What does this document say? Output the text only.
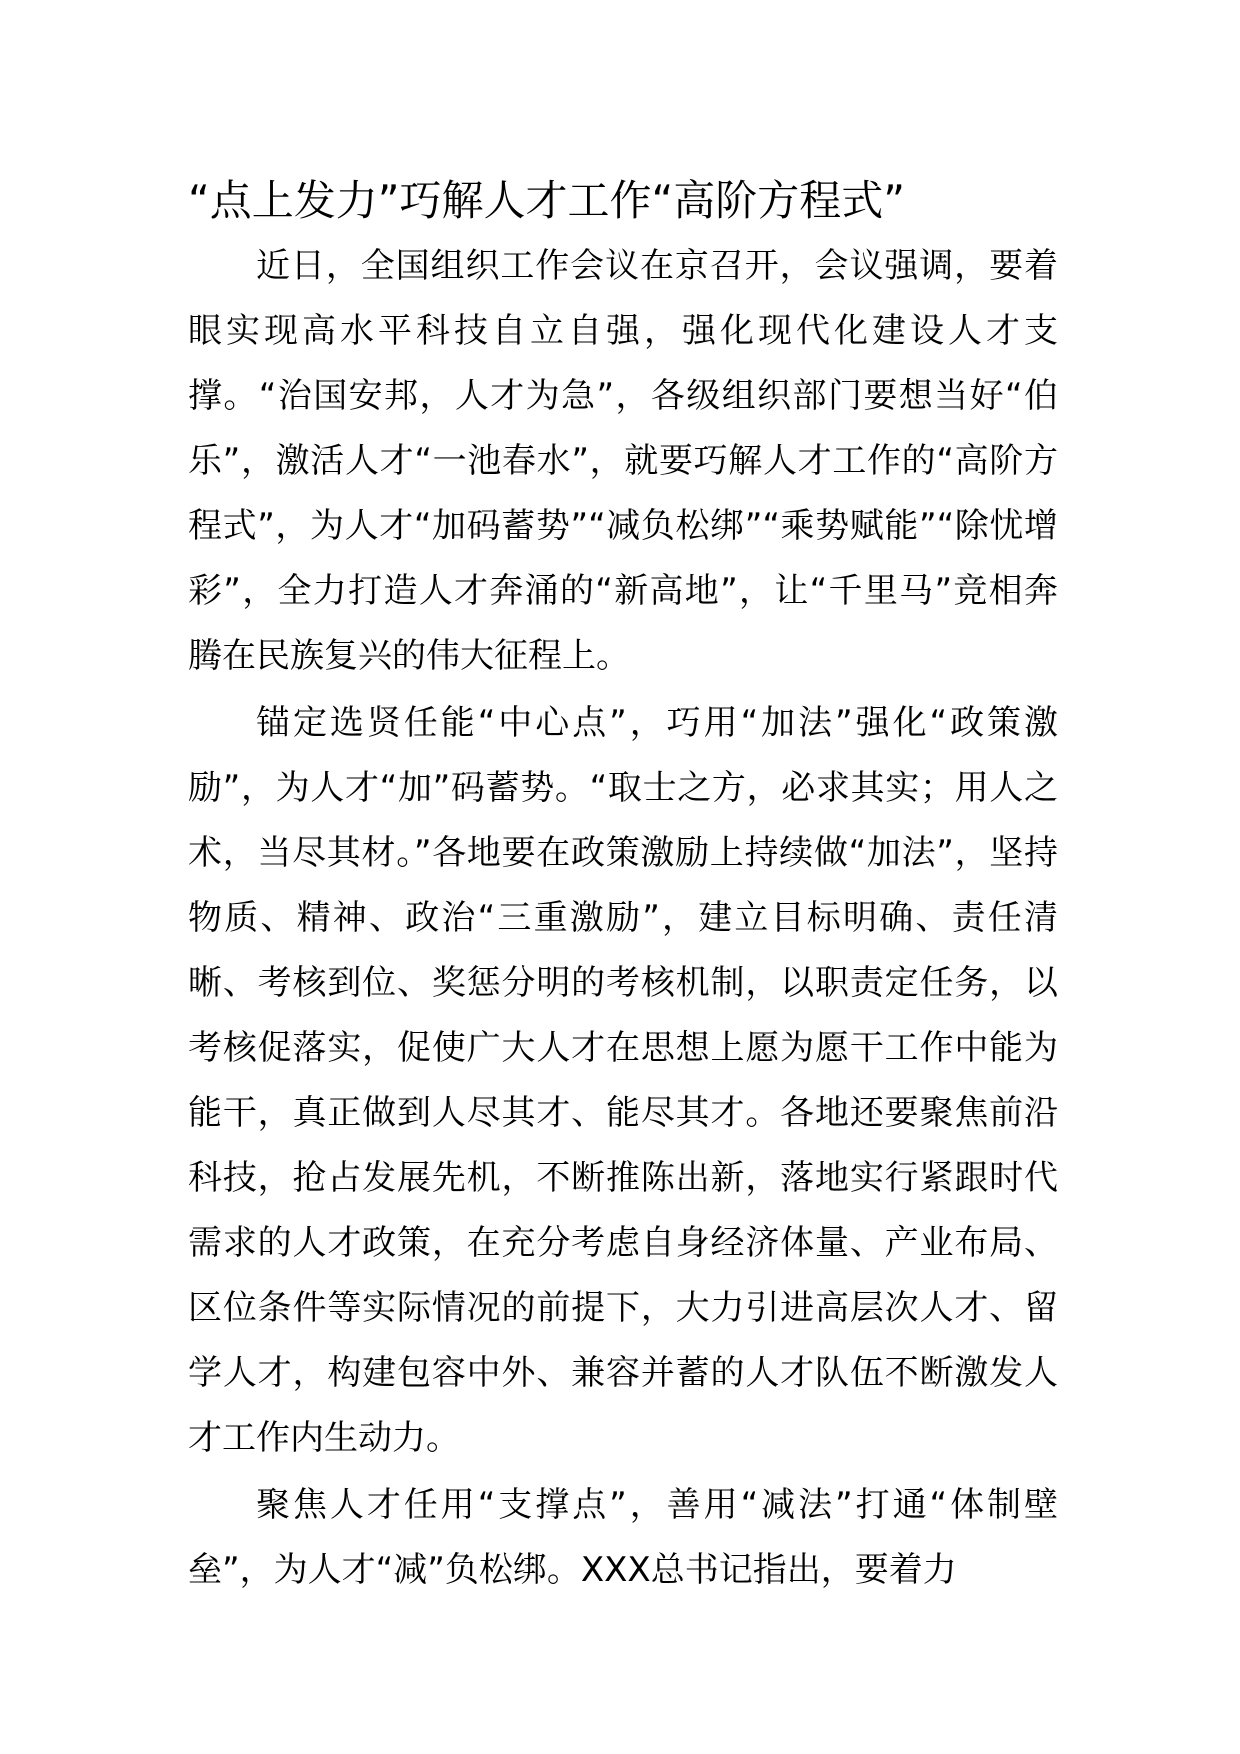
“点上发力”巧解人才工作“高阶方程式”

近日，全国组织工作会议在京召开，会议强调，要着眼实现高水平科技自立自强，强化现代化建设人才支撑。“治国安邦，人才为急”，各级组织部门要想当好“伯乐”，激活人才“一池春水”，就要巧解人才工作的“高阶方程式”，为人才“加码蓄势”“减负松绑”“乘势赋能”“除忧增彩”，全力打造人才奔涌的“新高地”，让“千里马”竞相奔腾在民族复兴的伟大征程上。

锚定选贤任能“中心点”，巧用“加法”强化“政策激励”，为人才“加”码蓄势。“取士之方，必求其实；用人之术，当尽其材。”各地要在政策激励上持续做“加法”，坚持物质、精神、政治“三重激励”，建立目标明确、责任清晰、考核到位、奖惩分明的考核机制，以职责定任务，以考核促落实，促使广大人才在思想上愿为愿干工作中能为能干，真正做到人尽其才、能尽其才。各地还要聚焦前沿科技，抢占发展先机，不断推陈出新，落地实行紧跟时代需求的人才政策，在充分考虑自身经济体量、产业布局、区位条件等实际情况的前提下，大力引进高层次人才、留学人才，构建包容中外、兼容并蓄的人才队伍不断激发人才工作内生动力。

聚焦人才任用“支撑点”，善用“减法”打通“体制壁垒”，为人才“减”负松绑。XXX总书记指出，要着力
